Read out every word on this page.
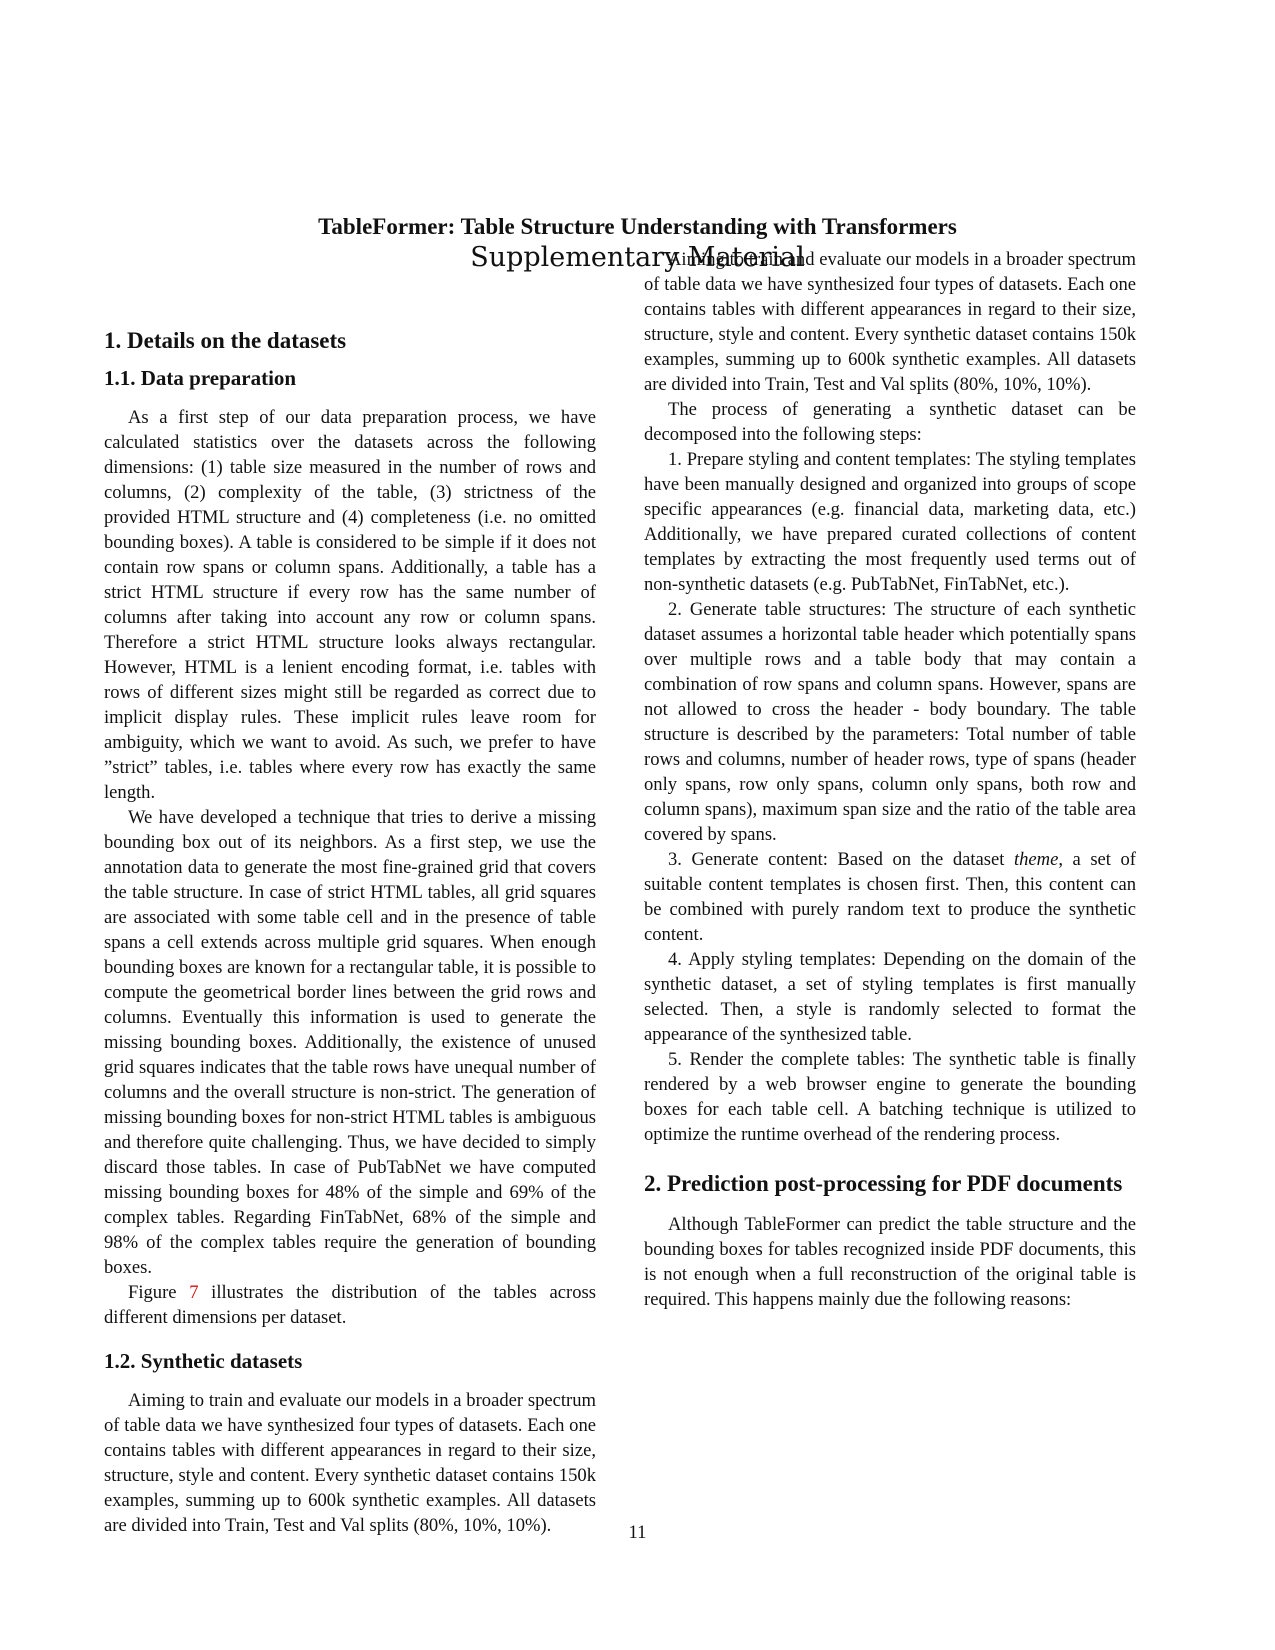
TableFormer: Table Structure Understanding with Transformers
Supplementary Material
1. Details on the datasets
1.1. Data preparation

As a first step of our data preparation process, we have calculated statistics over the datasets across the following dimensions: (1) table size measured in the number of rows and columns, (2) complexity of the table, (3) strictness of the provided HTML structure and (4) completeness (i.e. no omitted bounding boxes). A table is considered to be simple if it does not contain row spans or column spans. Additionally, a table has a strict HTML structure if every row has the same number of columns after taking into account any row or column spans. Therefore a strict HTML structure looks always rectangular. However, HTML is a lenient encoding format, i.e. tables with rows of different sizes might still be regarded as correct due to implicit display rules. These implicit rules leave room for ambiguity, which we want to avoid. As such, we prefer to have ”strict” tables, i.e. tables where every row has exactly the same length.

We have developed a technique that tries to derive a missing bounding box out of its neighbors. As a first step, we use the annotation data to generate the most fine-grained grid that covers the table structure. In case of strict HTML tables, all grid squares are associated with some table cell and in the presence of table spans a cell extends across multiple grid squares. When enough bounding boxes are known for a rectangular table, it is possible to compute the geometrical border lines between the grid rows and columns. Eventually this information is used to generate the missing bounding boxes. Additionally, the existence of unused grid squares indicates that the table rows have unequal number of columns and the overall structure is non-strict. The generation of missing bounding boxes for non-strict HTML tables is ambiguous and therefore quite challenging. Thus, we have decided to simply discard those tables. In case of PubTabNet we have computed missing bounding boxes for 48% of the simple and 69% of the complex tables. Regarding FinTabNet, 68% of the simple and 98% of the complex tables require the generation of bounding boxes.

Figure 7 illustrates the distribution of the tables across different dimensions per dataset.

1.2. Synthetic datasets

Aiming to train and evaluate our models in a broader spectrum of table data we have synthesized four types of datasets. Each one contains tables with different appearances in regard to their size, structure, style and content. Every synthetic dataset contains 150k examples, summing up to 600k synthetic examples. All datasets are divided into Train, Test and Val splits (80%, 10%, 10%).

Aiming to train and evaluate our models in a broader spectrum of table data we have synthesized four types of datasets. Each one contains tables with different appearances in regard to their size, structure, style and content. Every synthetic dataset contains 150k examples, summing up to 600k synthetic examples. All datasets are divided into Train, Test and Val splits (80%, 10%, 10%).

The process of generating a synthetic dataset can be decomposed into the following steps:

1. Prepare styling and content templates: The styling templates have been manually designed and organized into groups of scope specific appearances (e.g. financial data, marketing data, etc.) Additionally, we have prepared curated collections of content templates by extracting the most frequently used terms out of non-synthetic datasets (e.g. PubTabNet, FinTabNet, etc.).

2. Generate table structures: The structure of each synthetic dataset assumes a horizontal table header which potentially spans over multiple rows and a table body that may contain a combination of row spans and column spans. However, spans are not allowed to cross the header - body boundary. The table structure is described by the parameters: Total number of table rows and columns, number of header rows, type of spans (header only spans, row only spans, column only spans, both row and column spans), maximum span size and the ratio of the table area covered by spans.

3. Generate content: Based on the dataset theme, a set of suitable content templates is chosen first. Then, this content can be combined with purely random text to produce the synthetic content.

4. Apply styling templates: Depending on the domain of the synthetic dataset, a set of styling templates is first manually selected. Then, a style is randomly selected to format the appearance of the synthesized table.

5. Render the complete tables: The synthetic table is finally rendered by a web browser engine to generate the bounding boxes for each table cell. A batching technique is utilized to optimize the runtime overhead of the rendering process.

2. Prediction post-processing for PDF documents

Although TableFormer can predict the table structure and the bounding boxes for tables recognized inside PDF documents, this is not enough when a full reconstruction of the original table is required. This happens mainly due the following reasons:

11
